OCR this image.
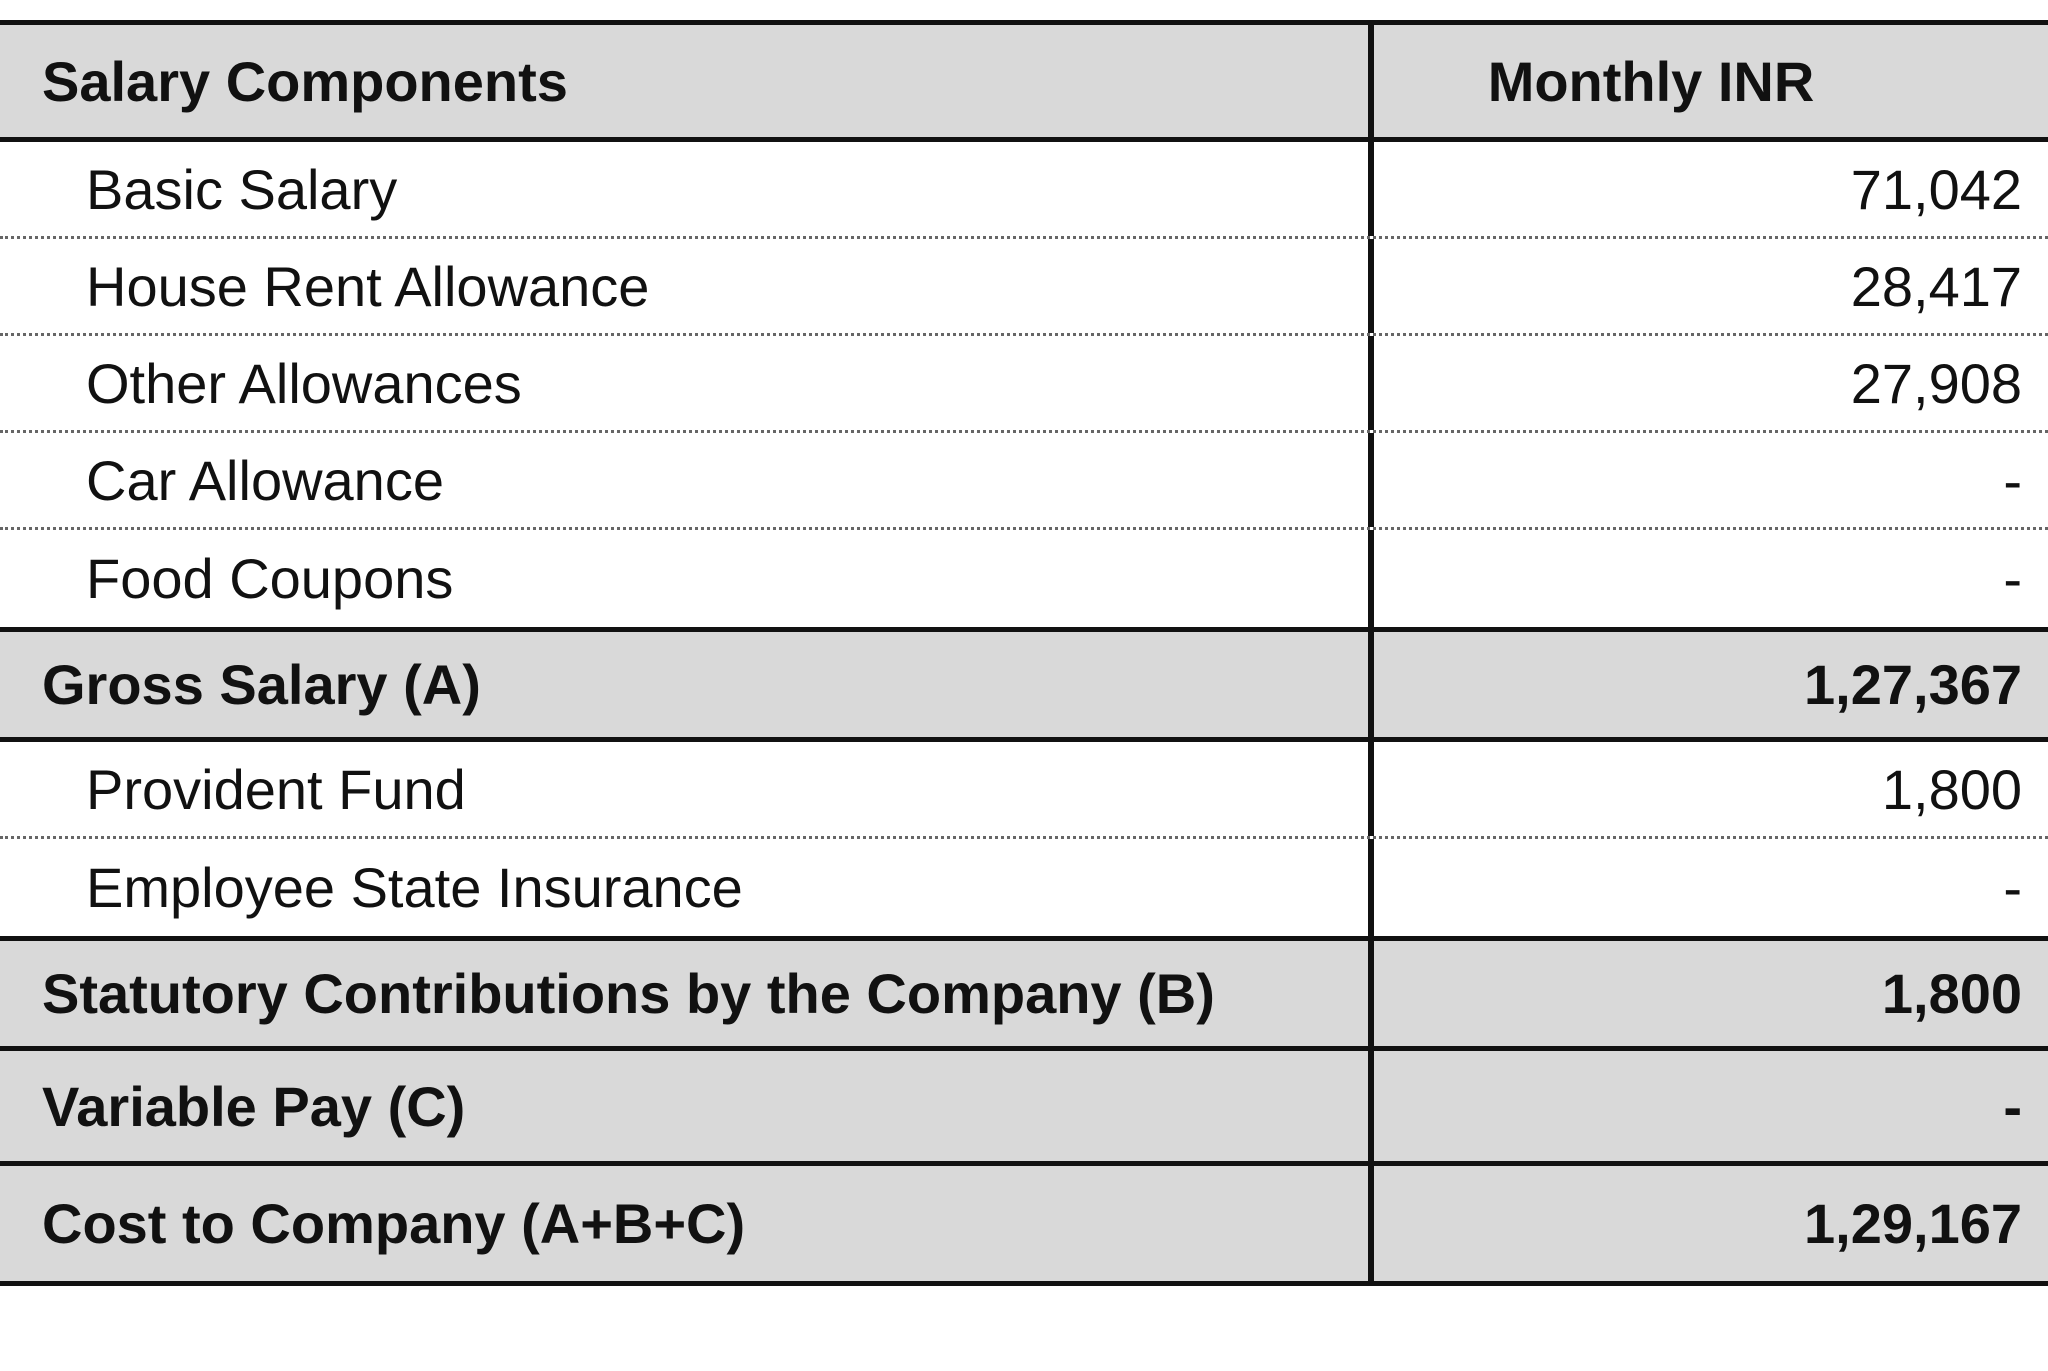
Salary Components	Monthly INR
Basic Salary	71,042
House Rent Allowance	28,417
Other Allowances	27,908
Car Allowance	-
Food Coupons	-
Gross Salary (A)	1,27,367
Provident Fund	1,800
Employee State Insurance	-
Statutory Contributions by the Company (B)	1,800
Variable Pay (C)	-
Cost to Company (A+B+C)	1,29,167
